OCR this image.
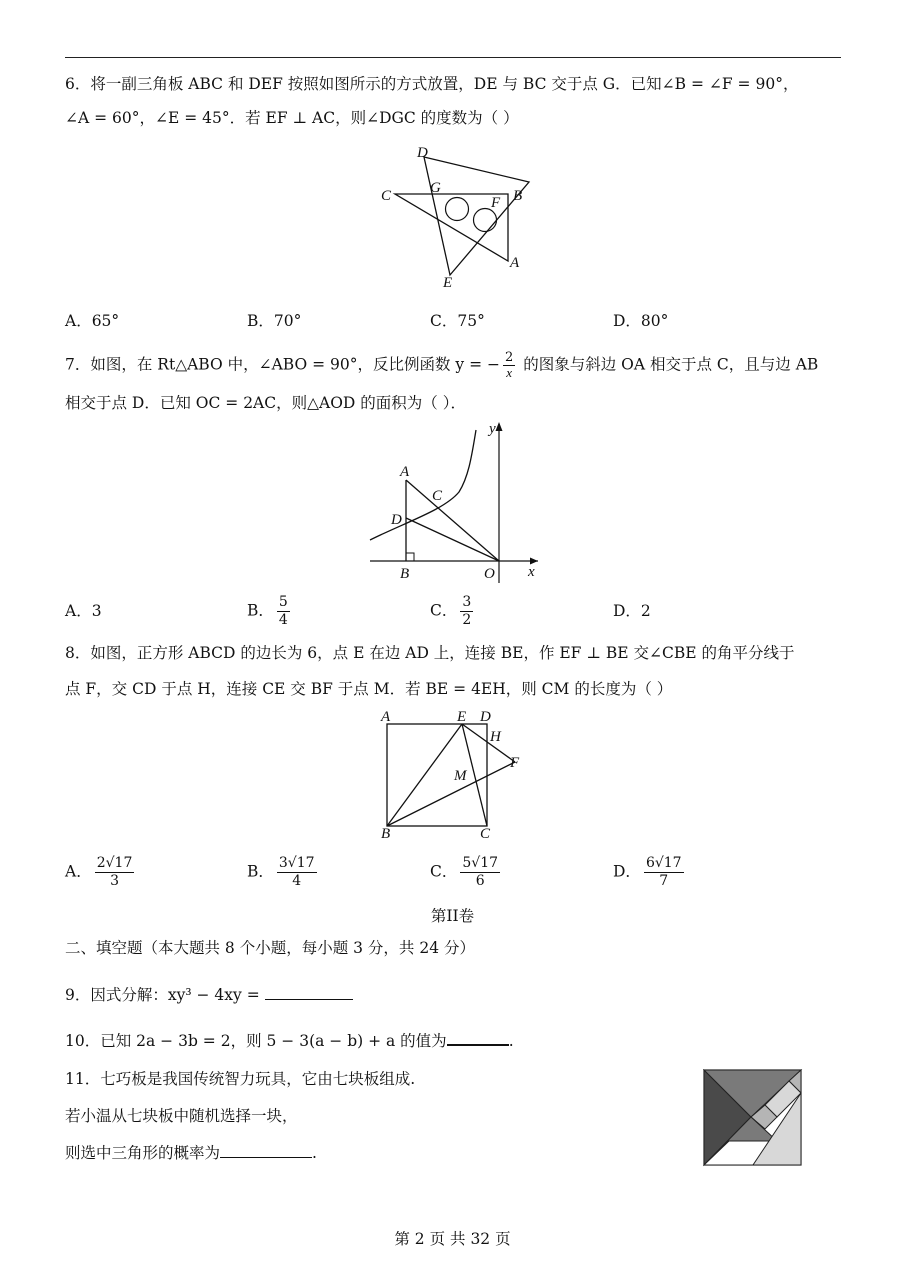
6．将一副三角板 ABC 和 DEF 按照如图所示的方式放置，DE 与 BC 交于点 G．已知∠B = ∠F = 90°，
∠A = 60°，∠E = 45°．若 EF ⊥ AC，则∠DGC 的度数为（ ）
D
C	G	B
F
A
E
A．65°	B．70°	C．75°	D．80°
7．如图，在 Rt△ABO 中，∠ABO = 90°，反比例函数 y = − $\frac{2}{x}$ 的图象与斜边 OA 相交于点 C，且与边 AB
相交于点 D．已知 OC = 2AC，则△AOD 的面积为（ ）．
y
A
C
D
B	O x
A．3	B． $\frac{5}{4}$	C． $\frac{3}{2}$	D．2
8．如图，正方形 ABCD 的边长为 6，点 E 在边 AD 上，连接 BE，作 EF ⊥ BE 交∠CBE 的角平分线于
点 F，交 CD 于点 H，连接 CE 交 BF 于点 M．若 BE = 4EH，则 CM 的长度为（ ）
A	E D
H
F
M
B	C
A． $\frac{2√17}{3}$	B． $\frac{3√17}{4}$	C． $\frac{5√17}{6}$	D． $\frac{6√17}{7}$
第II卷
二、填空题（本大题共 8 个小题，每小题 3 分，共 24 分）
9．因式分解：xy³ − 4xy =
10．已知 2a − 3b = 2，则 5 − 3(a − b) + a 的值为	.
11．七巧板是我国传统智力玩具，它由七块板组成.
若小温从七块板中随机选择一块，
则选中三角形的概率为	.
第 2 页 共 32 页
